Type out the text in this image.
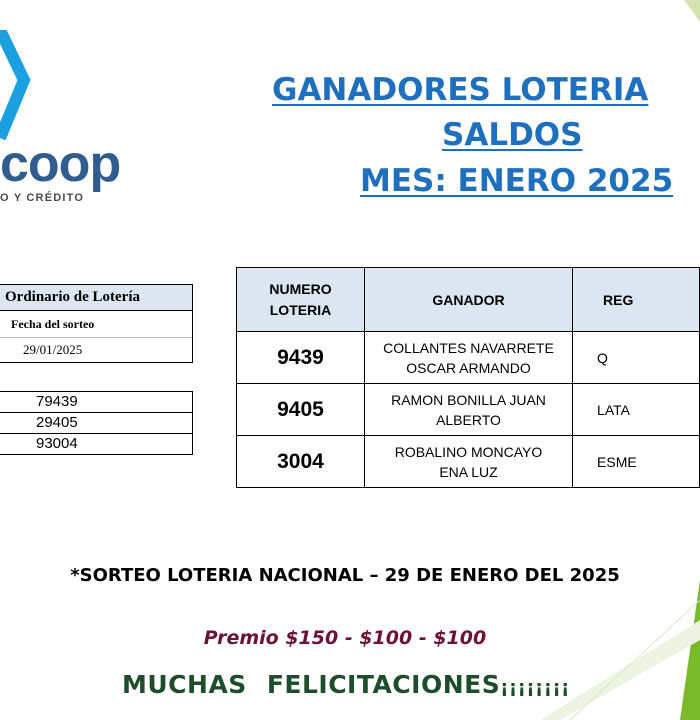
coop
O Y CRÉDITO
GANADORES LOTERIA
SALDOS
MES: ENERO 2025
Ordinario de Lotería
Fecha del sorteo
29/01/2025
79439
29405
93004
NUMERO LOTERIA	GANADOR	REG
9439	COLLANTES NAVARRETE OSCAR ARMANDO	Q
9405	RAMON BONILLA JUAN ALBERTO	LATA
3004	ROBALINO MONCAYO ENA LUZ	ESME
*SORTEO LOTERIA NACIONAL – 29 DE ENERO DEL 2025
Premio $150 - $100 - $100
MUCHAS FELICITACIONES¡¡¡¡¡¡¡¡
